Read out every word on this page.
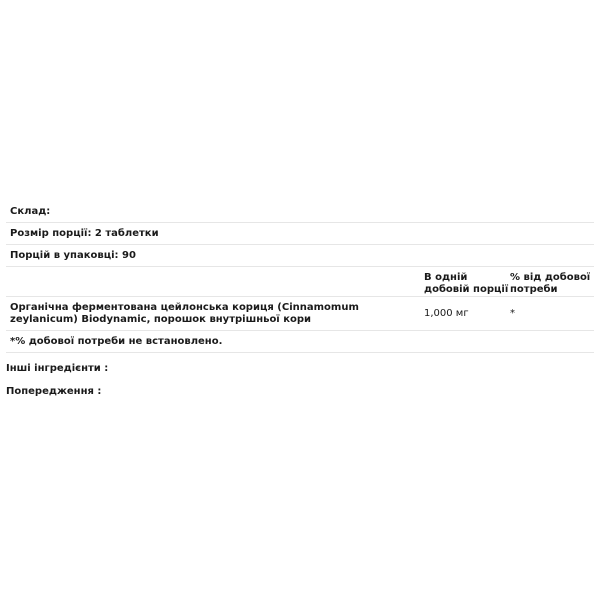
Склад:
Розмір порції: 2 таблетки
Порцій в упаковці: 90
В одній добовій порції
% від добової потреби
Органічна ферментована цейлонська кориця (Cinnamomum zeylanicum) Biodynamic, порошок внутрішньої кори
1,000 мг	*
*% добової потреби не встановлено.
Інші інгредієнти :
Попередження :
